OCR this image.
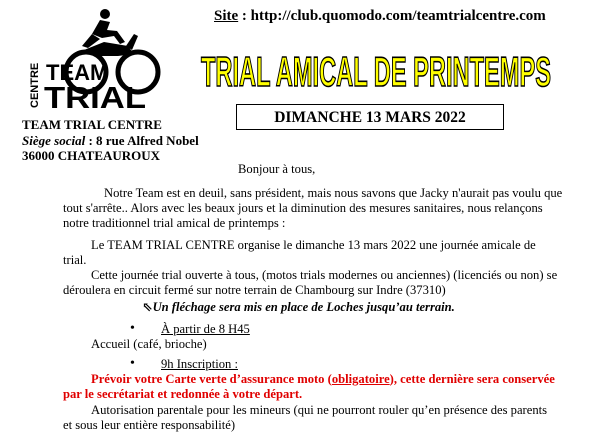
CENTRE TEAM
TRIAL
Site : http://club.quomodo.com/teamtrialcentre.com
TRIAL AMICAL DE PRINTEMPS
DIMANCHE 13 MARS 2022
TEAM TRIAL CENTRE
Siège social : 8 rue Alfred Nobel
36000 CHATEAUROUX
Bonjour à tous,
Notre Team est en deuil, sans président, mais nous savons que Jacky n'aurait pas voulu que
tout s'arrête.. Alors avec les beaux jours et la diminution des mesures sanitaires, nous relançons
notre traditionnel trial amical de printemps :
Le TEAM TRIAL CENTRE organise le dimanche 13 mars 2022 une journée amicale de
trial.
Cette journée trial ouverte à tous, (motos trials modernes ou anciennes) (licenciés ou non) se
déroulera en circuit fermé sur notre terrain de Chambourg sur Indre (37310)
⇖Un fléchage sera mis en place de Loches jusqu’au terrain.
• À partir de 8 H45
Accueil (café, brioche)
• 9h Inscription :
Prévoir votre Carte verte d’assurance moto (obligatoire), cette dernière sera conservée
par le secrétariat et redonnée à votre départ.
Autorisation parentale pour les mineurs (qui ne pourront rouler qu’en présence des parents
et sous leur entière responsabilité)
